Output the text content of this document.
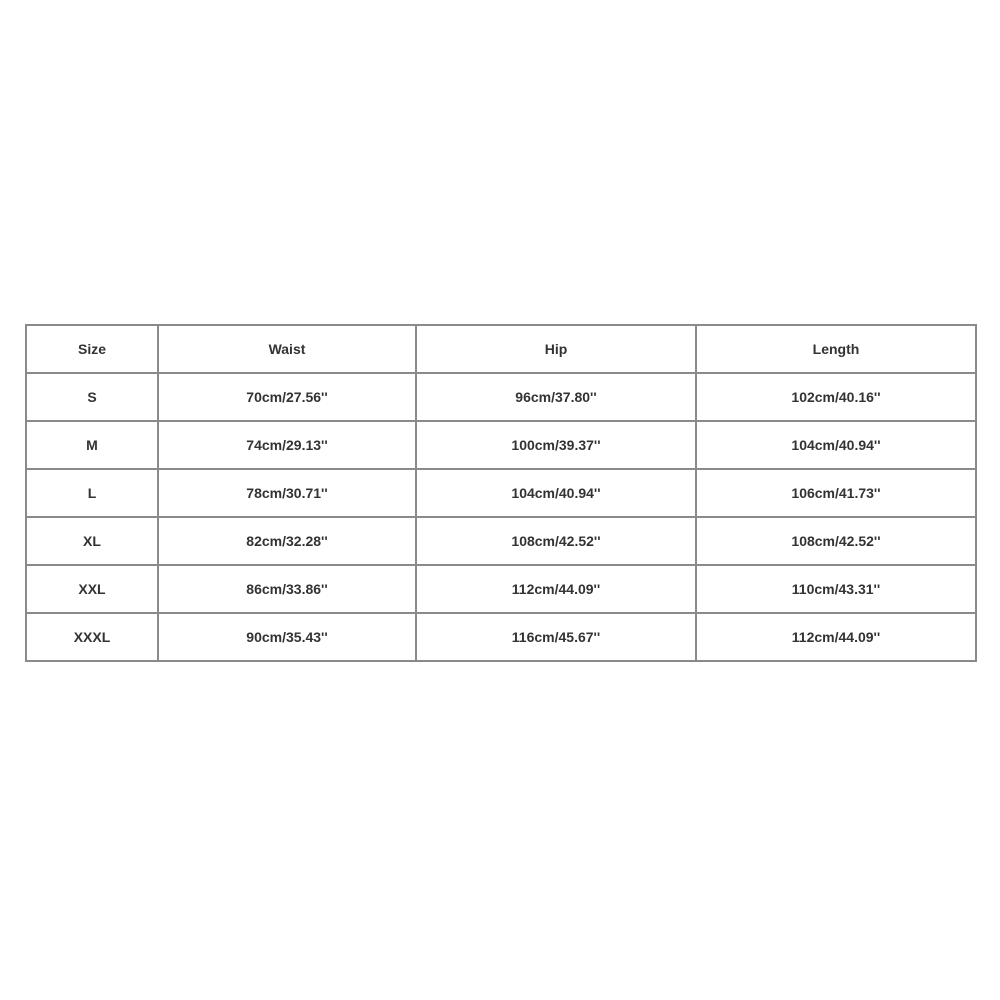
Size	Waist	Hip	Length
S	70cm/27.56''	96cm/37.80''	102cm/40.16''
M	74cm/29.13''	100cm/39.37''	104cm/40.94''
L	78cm/30.71''	104cm/40.94''	106cm/41.73''
XL	82cm/32.28''	108cm/42.52''	108cm/42.52''
XXL	86cm/33.86''	112cm/44.09''	110cm/43.31''
XXXL	90cm/35.43''	116cm/45.67''	112cm/44.09''
